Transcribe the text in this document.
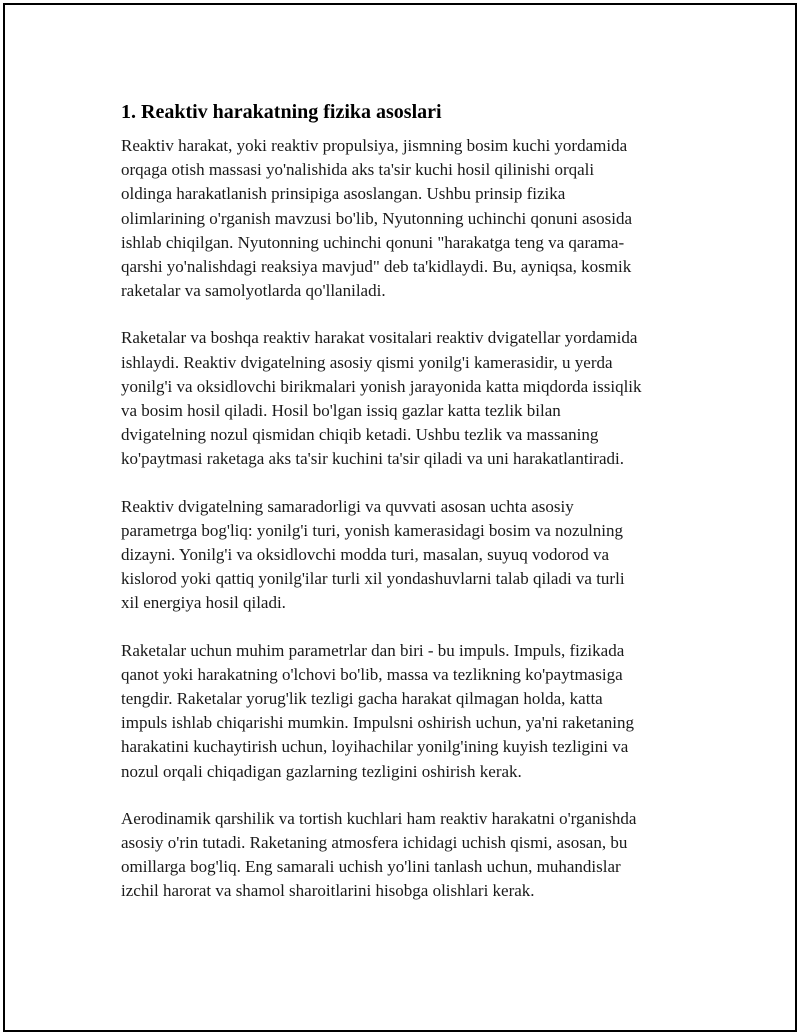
1. Reaktiv harakatning fizika asoslari

Reaktiv harakat, yoki reaktiv propulsiya, jismning bosim kuchi yordamida
orqaga otish massasi yo'nalishida aks ta'sir kuchi hosil qilinishi orqali
oldinga harakatlanish prinsipiga asoslangan. Ushbu prinsip fizika
olimlarining o'rganish mavzusi bo'lib, Nyutonning uchinchi qonuni asosida
ishlab chiqilgan. Nyutonning uchinchi qonuni "harakatga teng va qarama-
qarshi yo'nalishdagi reaksiya mavjud" deb ta'kidlaydi. Bu, ayniqsa, kosmik
raketalar va samolyotlarda qo'llaniladi.

Raketalar va boshqa reaktiv harakat vositalari reaktiv dvigatellar yordamida
ishlaydi. Reaktiv dvigatelning asosiy qismi yonilg'i kamerasidir, u yerda
yonilg'i va oksidlovchi birikmalari yonish jarayonida katta miqdorda issiqlik
va bosim hosil qiladi. Hosil bo'lgan issiq gazlar katta tezlik bilan
dvigatelning nozul qismidan chiqib ketadi. Ushbu tezlik va massaning
ko'paytmasi raketaga aks ta'sir kuchini ta'sir qiladi va uni harakatlantiradi.

Reaktiv dvigatelning samaradorligi va quvvati asosan uchta asosiy
parametrga bog'liq: yonilg'i turi, yonish kamerasidagi bosim va nozulning
dizayni. Yonilg'i va oksidlovchi modda turi, masalan, suyuq vodorod va
kislorod yoki qattiq yonilg'ilar turli xil yondashuvlarni talab qiladi va turli
xil energiya hosil qiladi.

Raketalar uchun muhim parametrlar dan biri - bu impuls. Impuls, fizikada
qanot yoki harakatning o'lchovi bo'lib, massa va tezlikning ko'paytmasiga
tengdir. Raketalar yorug'lik tezligi gacha harakat qilmagan holda, katta
impuls ishlab chiqarishi mumkin. Impulsni oshirish uchun, ya'ni raketaning
harakatini kuchaytirish uchun, loyihachilar yonilg'ining kuyish tezligini va
nozul orqali chiqadigan gazlarning tezligini oshirish kerak.

Aerodinamik qarshilik va tortish kuchlari ham reaktiv harakatni o'rganishda
asosiy o'rin tutadi. Raketaning atmosfera ichidagi uchish qismi, asosan, bu
omillarga bog'liq. Eng samarali uchish yo'lini tanlash uchun, muhandislar
izchil harorat va shamol sharoitlarini hisobga olishlari kerak.
